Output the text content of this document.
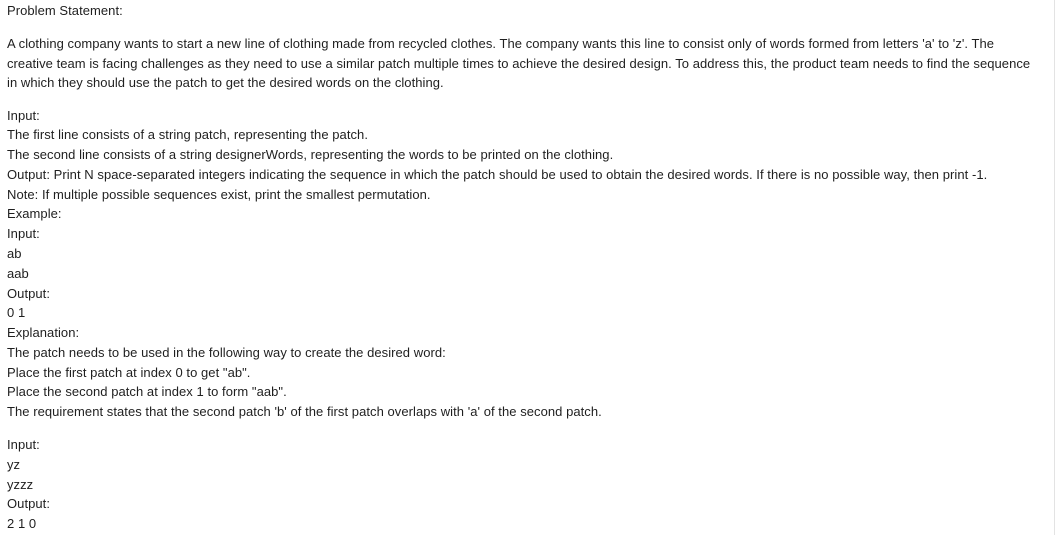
Problem Statement:
A clothing company wants to start a new line of clothing made from recycled clothes. The company wants this line to consist only of words formed from letters 'a' to 'z'. The
creative team is facing challenges as they need to use a similar patch multiple times to achieve the desired design. To address this, the product team needs to find the sequence
in which they should use the patch to get the desired words on the clothing.
Input:
The first line consists of a string patch, representing the patch.
The second line consists of a string designerWords, representing the words to be printed on the clothing.
Output: Print N space-separated integers indicating the sequence in which the patch should be used to obtain the desired words. If there is no possible way, then print -1.
Note: If multiple possible sequences exist, print the smallest permutation.
Example:
Input:
ab
aab
Output:
0 1
Explanation:
The patch needs to be used in the following way to create the desired word:
Place the first patch at index 0 to get "ab".
Place the second patch at index 1 to form "aab".
The requirement states that the second patch 'b' of the first patch overlaps with 'a' of the second patch.
Input:
yz
yzzz
Output:
2 1 0
